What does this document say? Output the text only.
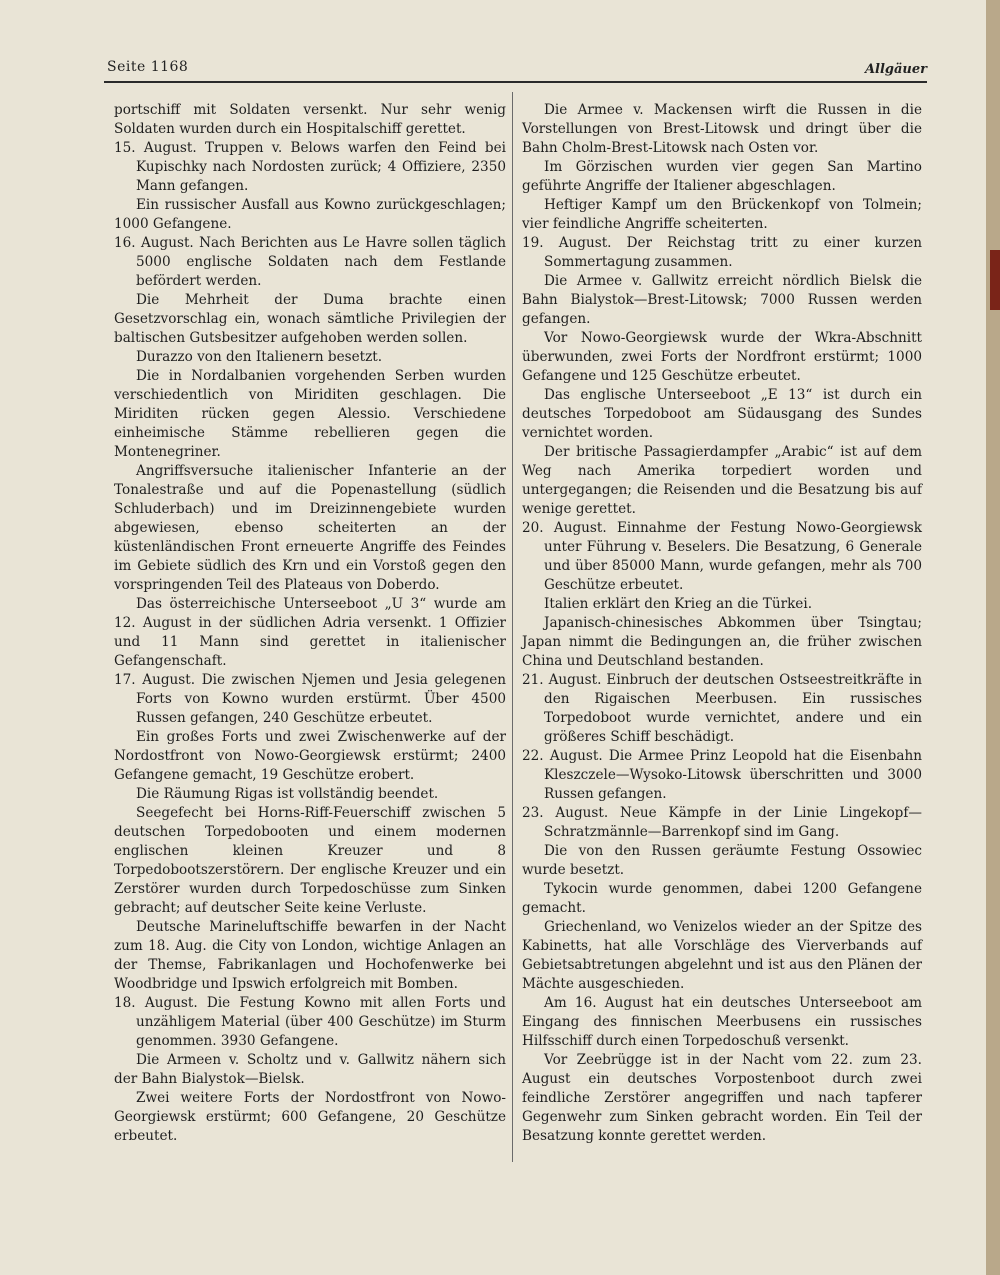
Seite 1168	Allgäuer

portschiff mit Soldaten versenkt. Nur sehr wenig Soldaten wurden durch ein Hospitalschiff gerettet.

15. August. Truppen v. Belows warfen den Feind bei Kupischky nach Nordosten zurück; 4 Offiziere, 2350 Mann gefangen.

Ein russischer Ausfall aus Kowno zurückgeschlagen; 1000 Gefangene.

16. August. Nach Berichten aus Le Havre sollen täglich 5000 englische Soldaten nach dem Festlande befördert werden.

Die Mehrheit der Duma brachte einen Gesetzvorschlag ein, wonach sämtliche Privilegien der baltischen Gutsbesitzer aufgehoben werden sollen.

Durazzo von den Italienern besetzt.

Die in Nordalbanien vorgehenden Serben wurden verschiedentlich von Miriditen geschlagen. Die Miriditen rücken gegen Alessio. Verschiedene einheimische Stämme rebellieren gegen die Montenegriner.

Angriffsversuche italienischer Infanterie an der Tonalestraße und auf die Popenastellung (südlich Schluderbach) und im Dreizinnengebiete wurden abgewiesen, ebenso scheiterten an der küstenländischen Front erneuerte Angriffe des Feindes im Gebiete südlich des Krn und ein Vorstoß gegen den vorspringenden Teil des Plateaus von Doberdo.

Das österreichische Unterseeboot „U 3“ wurde am 12. August in der südlichen Adria versenkt. 1 Offizier und 11 Mann sind gerettet in italienischer Gefangenschaft.

17. August. Die zwischen Njemen und Jesia gelegenen Forts von Kowno wurden erstürmt. Über 4500 Russen gefangen, 240 Geschütze erbeutet.

Ein großes Forts und zwei Zwischenwerke auf der Nordostfront von Nowo-Georgiewsk erstürmt; 2400 Gefangene gemacht, 19 Geschütze erobert.

Die Räumung Rigas ist vollständig beendet.

Seegefecht bei Horns-Riff-Feuerschiff zwischen 5 deutschen Torpedobooten und einem modernen englischen kleinen Kreuzer und 8 Torpedobootszerstörern. Der englische Kreuzer und ein Zerstörer wurden durch Torpedoschüsse zum Sinken gebracht; auf deutscher Seite keine Verluste.

Deutsche Marineluftschiffe bewarfen in der Nacht zum 18. Aug. die City von London, wichtige Anlagen an der Themse, Fabrikanlagen und Hochofenwerke bei Woodbridge und Ipswich erfolgreich mit Bomben.

18. August. Die Festung Kowno mit allen Forts und unzähligem Material (über 400 Geschütze) im Sturm genommen. 3930 Gefangene.

Die Armeen v. Scholtz und v. Gallwitz nähern sich der Bahn Bialystok—Bielsk.

Zwei weitere Forts der Nordostfront von Nowo-Georgiewsk erstürmt; 600 Gefangene, 20 Geschütze erbeutet.

Die Armee v. Mackensen wirft die Russen in die Vorstellungen von Brest-Litowsk und dringt über die Bahn Cholm-Brest-Litowsk nach Osten vor.

Im Görzischen wurden vier gegen San Martino geführte Angriffe der Italiener abgeschlagen.

Heftiger Kampf um den Brückenkopf von Tolmein; vier feindliche Angriffe scheiterten.

19. August. Der Reichstag tritt zu einer kurzen Sommertagung zusammen.

Die Armee v. Gallwitz erreicht nördlich Bielsk die Bahn Bialystok—Brest-Litowsk; 7000 Russen werden gefangen.

Vor Nowo-Georgiewsk wurde der Wkra-Abschnitt überwunden, zwei Forts der Nordfront erstürmt; 1000 Gefangene und 125 Geschütze erbeutet.

Das englische Unterseeboot „E 13“ ist durch ein deutsches Torpedoboot am Südausgang des Sundes vernichtet worden.

Der britische Passagierdampfer „Arabic“ ist auf dem Weg nach Amerika torpediert worden und untergegangen; die Reisenden und die Besatzung bis auf wenige gerettet.

20. August. Einnahme der Festung Nowo-Georgiewsk unter Führung v. Beselers. Die Besatzung, 6 Generale und über 85000 Mann, wurde gefangen, mehr als 700 Geschütze erbeutet.

Italien erklärt den Krieg an die Türkei.

Japanisch-chinesisches Abkommen über Tsingtau; Japan nimmt die Bedingungen an, die früher zwischen China und Deutschland bestanden.

21. August. Einbruch der deutschen Ostseestreitkräfte in den Rigaischen Meerbusen. Ein russisches Torpedoboot wurde vernichtet, andere und ein größeres Schiff beschädigt.

22. August. Die Armee Prinz Leopold hat die Eisenbahn Kleszczele—Wysoko-Litowsk überschritten und 3000 Russen gefangen.

23. August. Neue Kämpfe in der Linie Lingekopf—Schratzmännle—Barrenkopf sind im Gang.

Die von den Russen geräumte Festung Ossowiec wurde besetzt.

Tykocin wurde genommen, dabei 1200 Gefangene gemacht.

Griechenland, wo Venizelos wieder an der Spitze des Kabinetts, hat alle Vorschläge des Vierverbands auf Gebietsabtretungen abgelehnt und ist aus den Plänen der Mächte ausgeschieden.

Am 16. August hat ein deutsches Unterseeboot am Eingang des finnischen Meerbusens ein russisches Hilfsschiff durch einen Torpedoschuß versenkt.

Vor Zeebrügge ist in der Nacht vom 22. zum 23. August ein deutsches Vorpostenboot durch zwei feindliche Zerstörer angegriffen und nach tapferer Gegenwehr zum Sinken gebracht worden. Ein Teil der Besatzung konnte gerettet werden.
